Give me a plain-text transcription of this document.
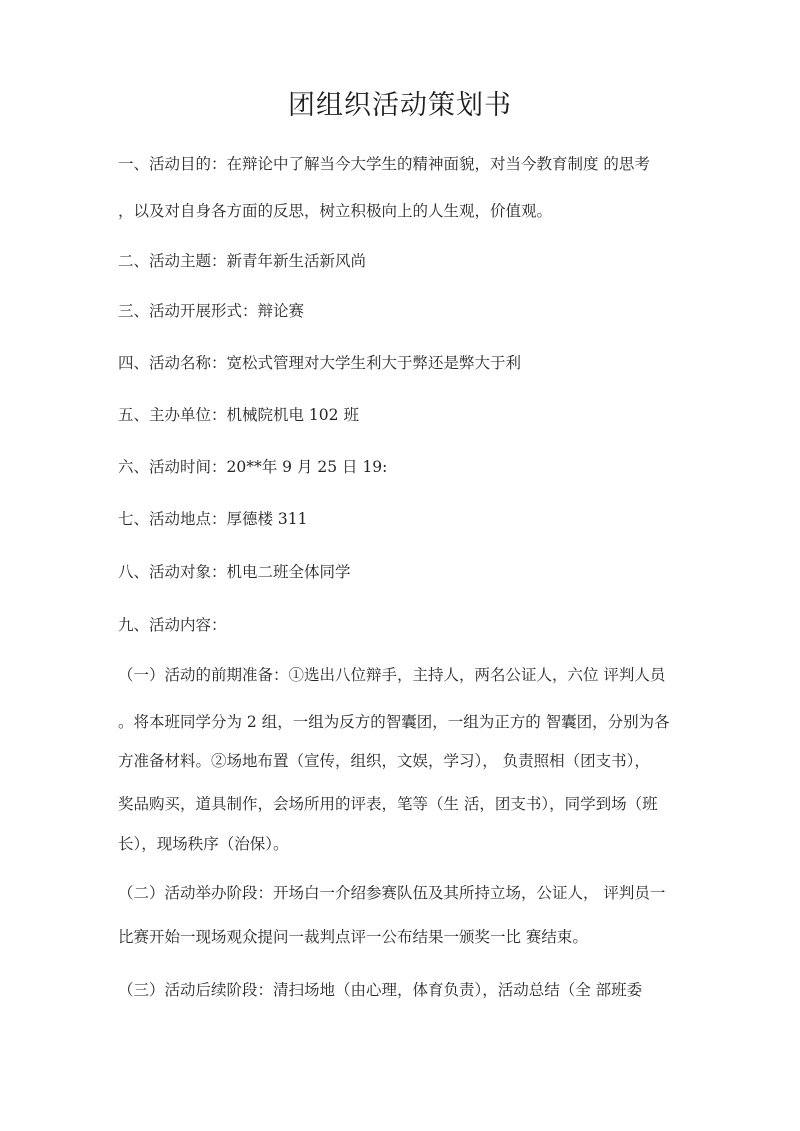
团组织活动策划书
一、活动目的：在辩论中了解当今大学生的精神面貌，对当今教育制度 的思考
，以及对自身各方面的反思，树立积极向上的人生观，价值观。
二、活动主题：新青年新生活新风尚
三、活动开展形式：辩论赛
四、活动名称：宽松式管理对大学生利大于弊还是弊大于利
五、主办单位：机械院机电 102 班
六、活动时间：20**年 9 月 25 日 19:
七、活动地点：厚德楼 311
八、活动对象：机电二班全体同学
九、活动内容：
（一）活动的前期准备：①选出八位辩手，主持人，两名公证人，六位 评判人员
。将本班同学分为 2 组，一组为反方的智囊团，一组为正方的 智囊团，分别为各
方准备材料。②场地布置（宣传，组织，文娱，学习）， 负责照相（团支书），
奖品购买，道具制作，会场所用的评表，笔等（生 活，团支书），同学到场（班
长），现场秩序（治保）。
（二）活动举办阶段：开场白一介绍参赛队伍及其所持立场，公证人， 评判员一
比赛开始一现场观众提问一裁判点评一公布结果一颁奖一比 赛结束。
（三）活动后续阶段：清扫场地（由心理，体育负责），活动总结（全 部班委
